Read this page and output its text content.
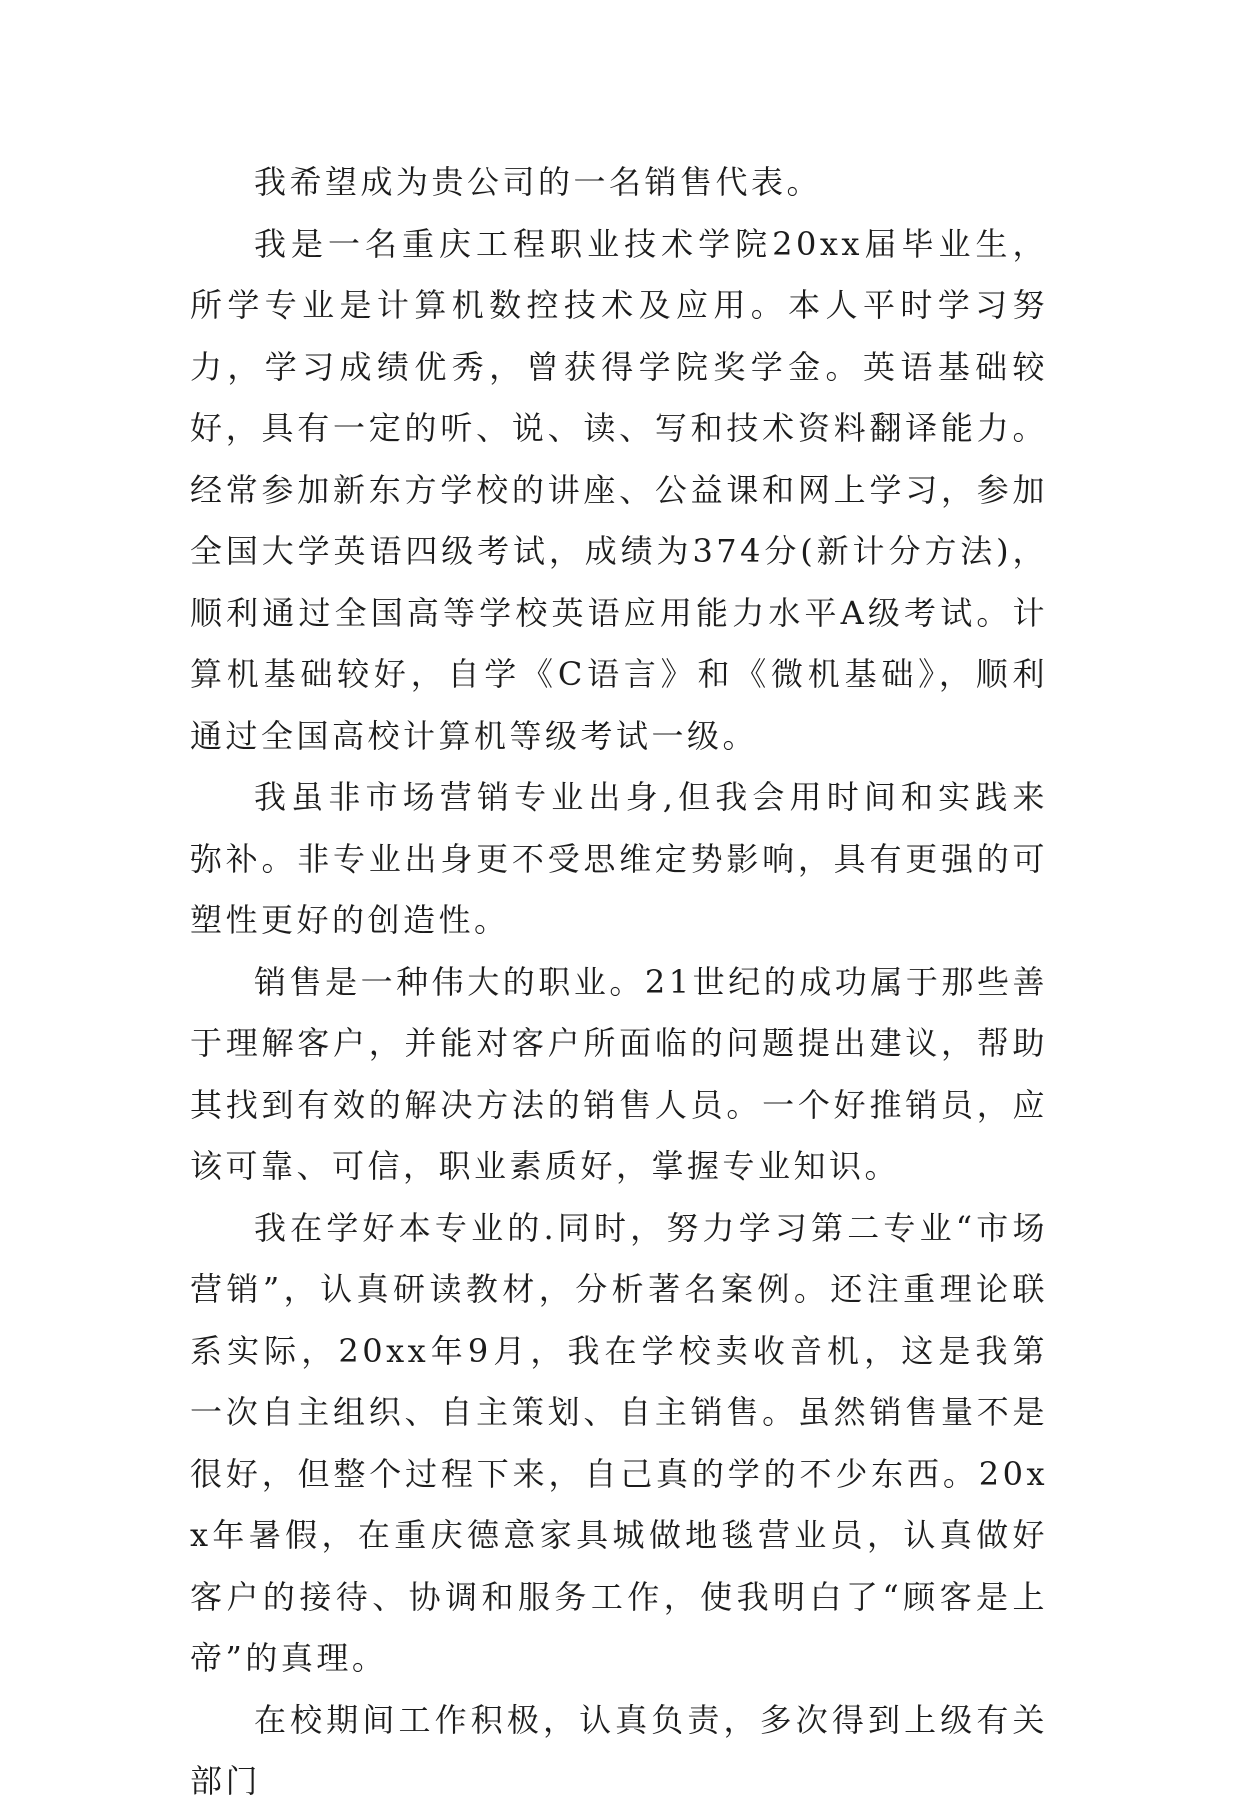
我希望成为贵公司的一名销售代表。

我是一名重庆工程职业技术学院20xx届毕业生，所学专业是计算机数控技术及应用。本人平时学习努力，学习成绩优秀，曾获得学院奖学金。英语基础较好，具有一定的听、说、读、写和技术资料翻译能力。经常参加新东方学校的讲座、公益课和网上学习，参加全国大学英语四级考试，成绩为374分(新计分方法)，顺利通过全国高等学校英语应用能力水平A级考试。计算机基础较好，自学《C语言》和《微机基础》，顺利通过全国高校计算机等级考试一级。

我虽非市场营销专业出身,但我会用时间和实践来弥补。非专业出身更不受思维定势影响，具有更强的可塑性更好的创造性。

销售是一种伟大的职业。21世纪的成功属于那些善于理解客户，并能对客户所面临的问题提出建议，帮助其找到有效的解决方法的销售人员。一个好推销员，应该可靠、可信，职业素质好，掌握专业知识。

我在学好本专业的.同时，努力学习第二专业“市场营销”，认真研读教材，分析著名案例。还注重理论联系实际，20xx年9月，我在学校卖收音机，这是我第一次自主组织、自主策划、自主销售。虽然销售量不是很好，但整个过程下来，自己真的学的不少东西。20xx年暑假，在重庆德意家具城做地毯营业员，认真做好客户的接待、协调和服务工作，使我明白了“顾客是上帝”的真理。

在校期间工作积极，认真负责，多次得到上级有关部门
